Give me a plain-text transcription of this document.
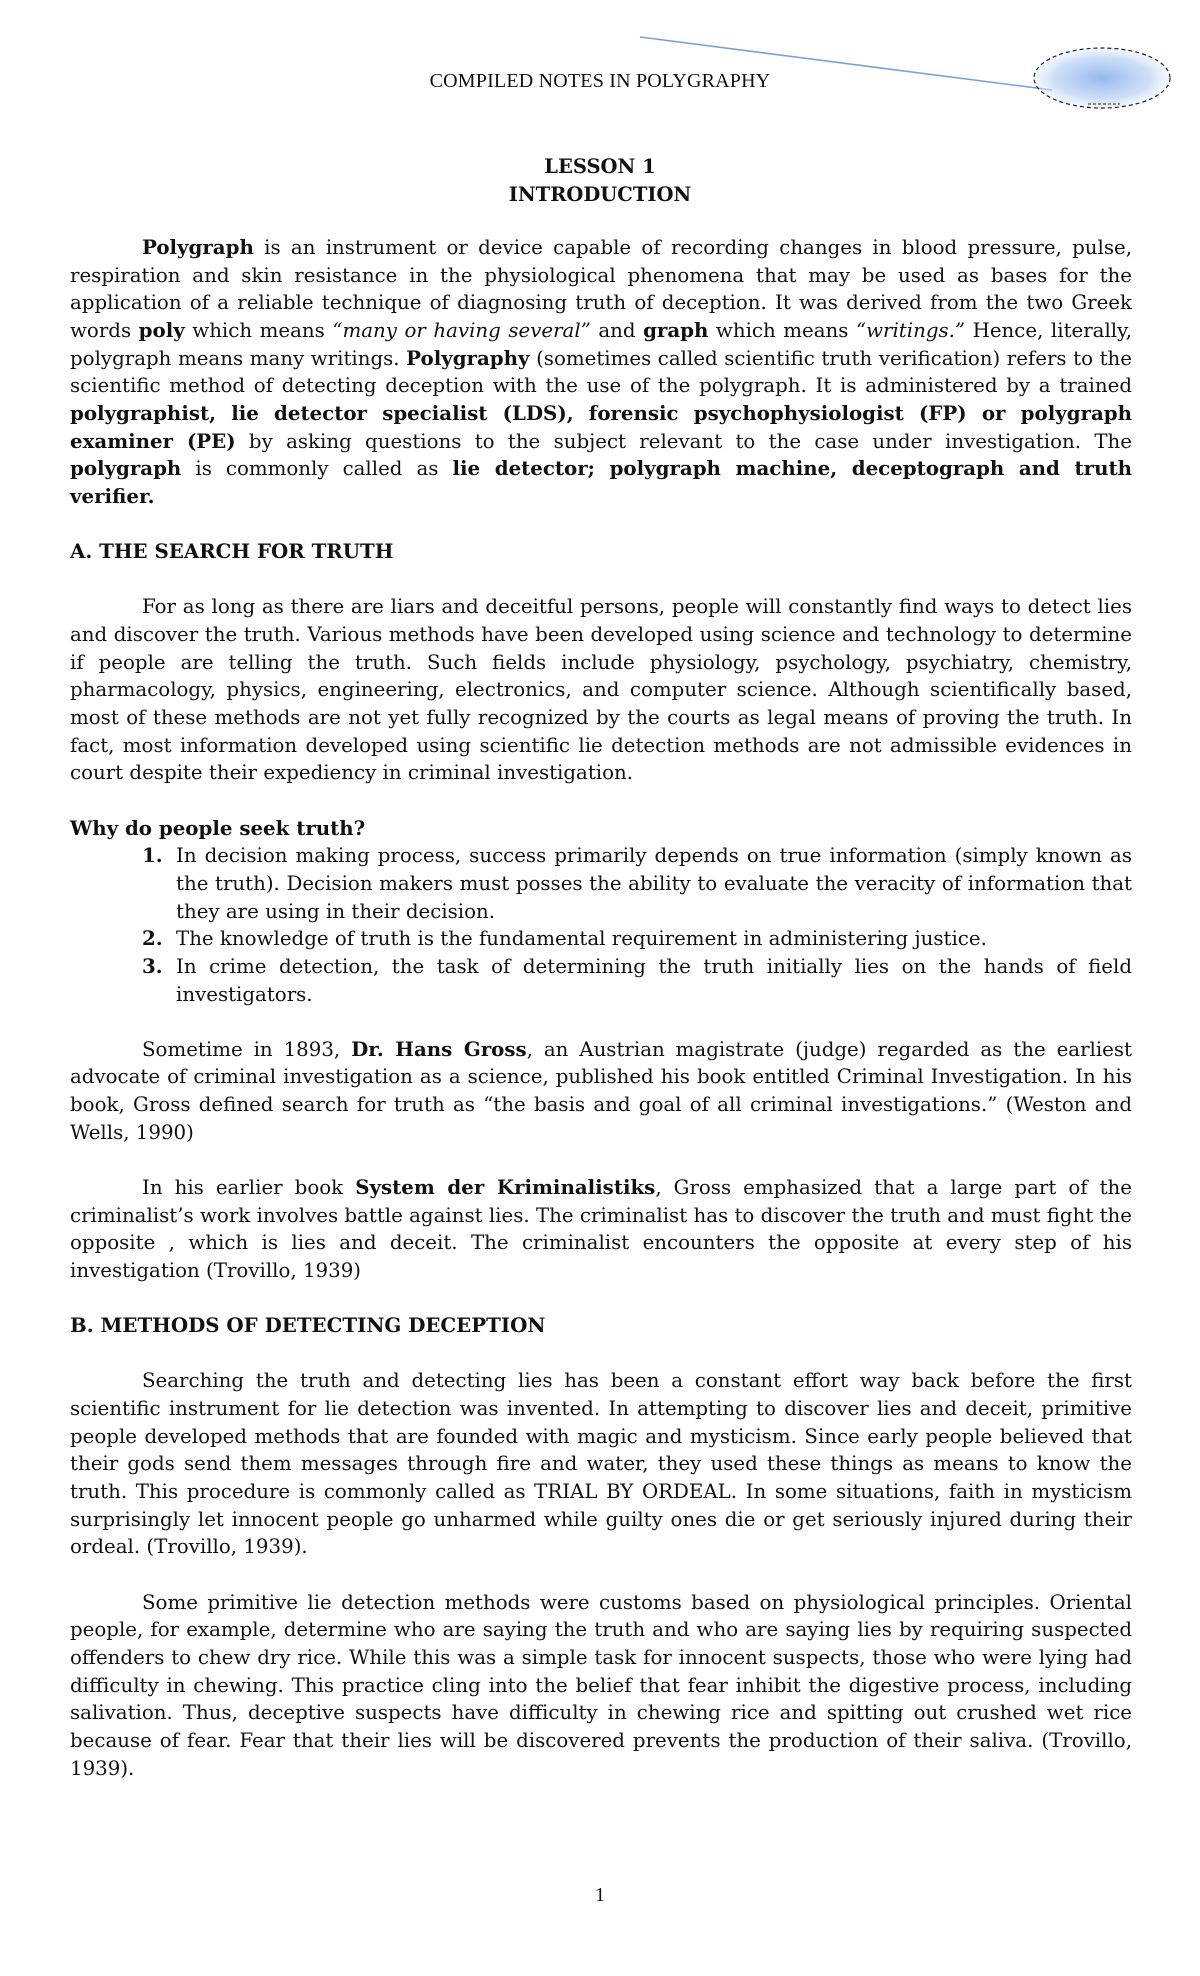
COMPILED NOTES IN POLYGRAPHY
LESSON 1
INTRODUCTION

Polygraph is an instrument or device capable of recording changes in blood pressure, pulse, respiration and skin resistance in the physiological phenomena that may be used as bases for the application of a reliable technique of diagnosing truth of deception. It was derived from the two Greek words poly which means “many or having several” and graph which means “writings.” Hence, literally, polygraph means many writings. Polygraphy (sometimes called scientific truth verification) refers to the scientific method of detecting deception with the use of the polygraph. It is administered by a trained polygraphist, lie detector specialist (LDS), forensic psychophysiologist (FP) or polygraph examiner (PE) by asking questions to the subject relevant to the case under investigation. The polygraph is commonly called as lie detector; polygraph machine, deceptograph and truth verifier.

A. THE SEARCH FOR TRUTH

For as long as there are liars and deceitful persons, people will constantly find ways to detect lies and discover the truth. Various methods have been developed using science and technology to determine if people are telling the truth. Such fields include physiology, psychology, psychiatry, chemistry, pharmacology, physics, engineering, electronics, and computer science. Although scientifically based, most of these methods are not yet fully recognized by the courts as legal means of proving the truth. In fact, most information developed using scientific lie detection methods are not admissible evidences in court despite their expediency in criminal investigation.

Why do people seek truth?

1. In decision making process, success primarily depends on true information (simply known as the truth). Decision makers must posses the ability to evaluate the veracity of information that they are using in their decision.
2. The knowledge of truth is the fundamental requirement in administering justice.
3. In crime detection, the task of determining the truth initially lies on the hands of field investigators.

Sometime in 1893, Dr. Hans Gross, an Austrian magistrate (judge) regarded as the earliest advocate of criminal investigation as a science, published his book entitled Criminal Investigation. In his book, Gross defined search for truth as “the basis and goal of all criminal investigations.” (Weston and Wells, 1990)

In his earlier book System der Kriminalistiks, Gross emphasized that a large part of the criminalist’s work involves battle against lies. The criminalist has to discover the truth and must fight the opposite , which is lies and deceit. The criminalist encounters the opposite at every step of his investigation (Trovillo, 1939)

B. METHODS OF DETECTING DECEPTION

Searching the truth and detecting lies has been a constant effort way back before the first scientific instrument for lie detection was invented. In attempting to discover lies and deceit, primitive people developed methods that are founded with magic and mysticism. Since early people believed that their gods send them messages through fire and water, they used these things as means to know the truth. This procedure is commonly called as TRIAL BY ORDEAL. In some situations, faith in mysticism surprisingly let innocent people go unharmed while guilty ones die or get seriously injured during their ordeal. (Trovillo, 1939).

Some primitive lie detection methods were customs based on physiological principles. Oriental people, for example, determine who are saying the truth and who are saying lies by requiring suspected offenders to chew dry rice. While this was a simple task for innocent suspects, those who were lying had difficulty in chewing. This practice cling into the belief that fear inhibit the digestive process, including salivation. Thus, deceptive suspects have difficulty in chewing rice and spitting out crushed wet rice because of fear. Fear that their lies will be discovered prevents the production of their saliva. (Trovillo, 1939).

1
